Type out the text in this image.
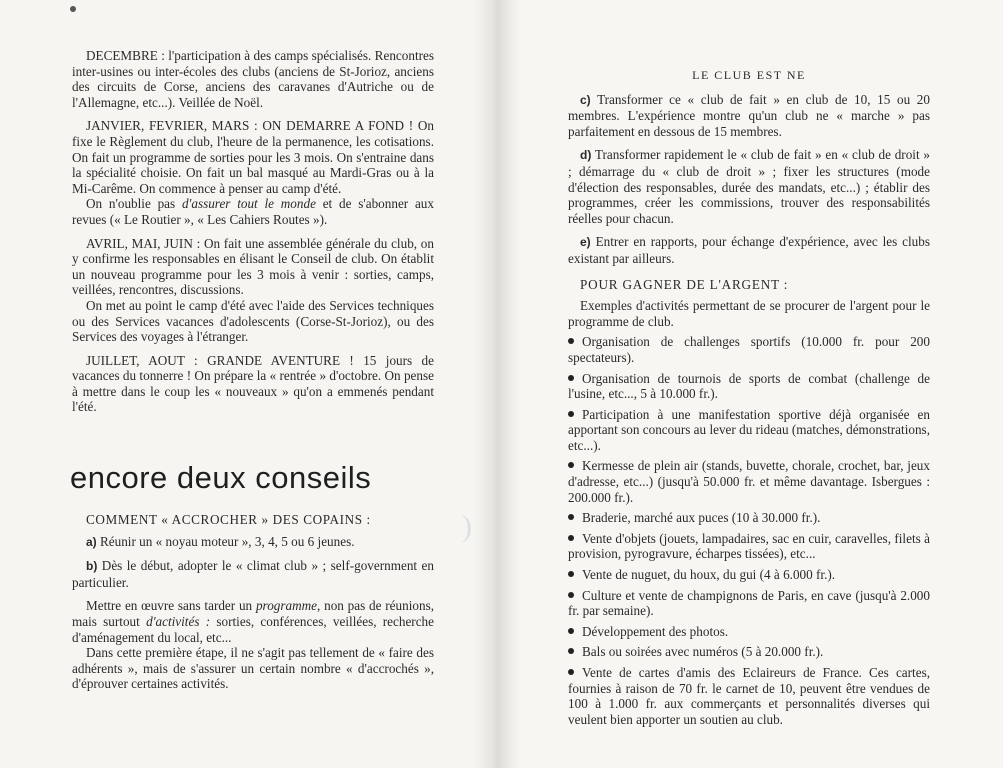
DECEMBRE : l'participation à des camps spécialisés. Rencontres inter-usines ou inter-écoles des clubs (anciens de St-Jorioz, anciens des circuits de Corse, anciens des caravanes d'Autriche ou de l'Allemagne, etc...). Veillée de Noël.

JANVIER, FEVRIER, MARS : ON DEMARRE A FOND ! On fixe le Règlement du club, l'heure de la permanence, les cotisations. On fait un programme de sorties pour les 3 mois. On s'entraine dans la spécialité choisie. On fait un bal masqué au Mardi-Gras ou à la Mi-Carême. On commence à penser au camp d'été.

On n'oublie pas d'assurer tout le monde et de s'abonner aux revues (« Le Routier », « Les Cahiers Routes »).

AVRIL, MAI, JUIN : On fait une assemblée générale du club, on y confirme les responsables en élisant le Conseil de club. On établit un nouveau programme pour les 3 mois à venir : sorties, camps, veillées, rencontres, discussions.

On met au point le camp d'été avec l'aide des Services techniques ou des Services vacances d'adolescents (Corse-St-Jorioz), ou des Services des voyages à l'étranger.

JUILLET, AOUT : GRANDE AVENTURE ! 15 jours de vacances du tonnerre ! On prépare la « rentrée » d'octobre. On pense à mettre dans le coup les « nouveaux » qu'on a emmenés pendant l'été.

encore deux conseils

COMMENT « ACCROCHER » DES COPAINS :

a) Réunir un « noyau moteur », 3, 4, 5 ou 6 jeunes.

b) Dès le début, adopter le « climat club » ; self-government en particulier.

Mettre en œuvre sans tarder un programme, non pas de réunions, mais surtout d'activités : sorties, conférences, veillées, recherche d'aménagement du local, etc...

Dans cette première étape, il ne s'agit pas tellement de « faire des adhérents », mais de s'assurer un certain nombre « d'accrochés », d'éprouver certaines activités.

)

LE CLUB EST NE

c) Transformer ce « club de fait » en club de 10, 15 ou 20 membres. L'expérience montre qu'un club ne « marche » pas parfaitement en dessous de 15 membres.

d) Transformer rapidement le « club de fait » en « club de droit » ; démarrage du « club de droit » ; fixer les structures (mode d'élection des responsables, durée des mandats, etc...) ; établir des programmes, créer les commissions, trouver des responsabilités réelles pour chacun.

e) Entrer en rapports, pour échange d'expérience, avec les clubs existant par ailleurs.

POUR GAGNER DE L'ARGENT :

Exemples d'activités permettant de se procurer de l'argent pour le programme de club.

Organisation de challenges sportifs (10.000 fr. pour 200 spectateurs).

Organisation de tournois de sports de combat (challenge de l'usine, etc..., 5 à 10.000 fr.).

Participation à une manifestation sportive déjà organisée en apportant son concours au lever du rideau (matches, démonstrations, etc...).

Kermesse de plein air (stands, buvette, chorale, crochet, bar, jeux d'adresse, etc...) (jusqu'à 50.000 fr. et même davantage. Isbergues : 200.000 fr.).

Braderie, marché aux puces (10 à 30.000 fr.).

Vente d'objets (jouets, lampadaires, sac en cuir, caravelles, filets à provision, pyrogravure, écharpes tissées), etc...

Vente de nuguet, du houx, du gui (4 à 6.000 fr.).

Culture et vente de champignons de Paris, en cave (jusqu'à 2.000 fr. par semaine).

Développement des photos.

Bals ou soirées avec numéros (5 à 20.000 fr.).

Vente de cartes d'amis des Eclaireurs de France. Ces cartes, fournies à raison de 70 fr. le carnet de 10, peuvent être vendues de 100 à 1.000 fr. aux commerçants et personnalités diverses qui veulent bien apporter un soutien au club.
